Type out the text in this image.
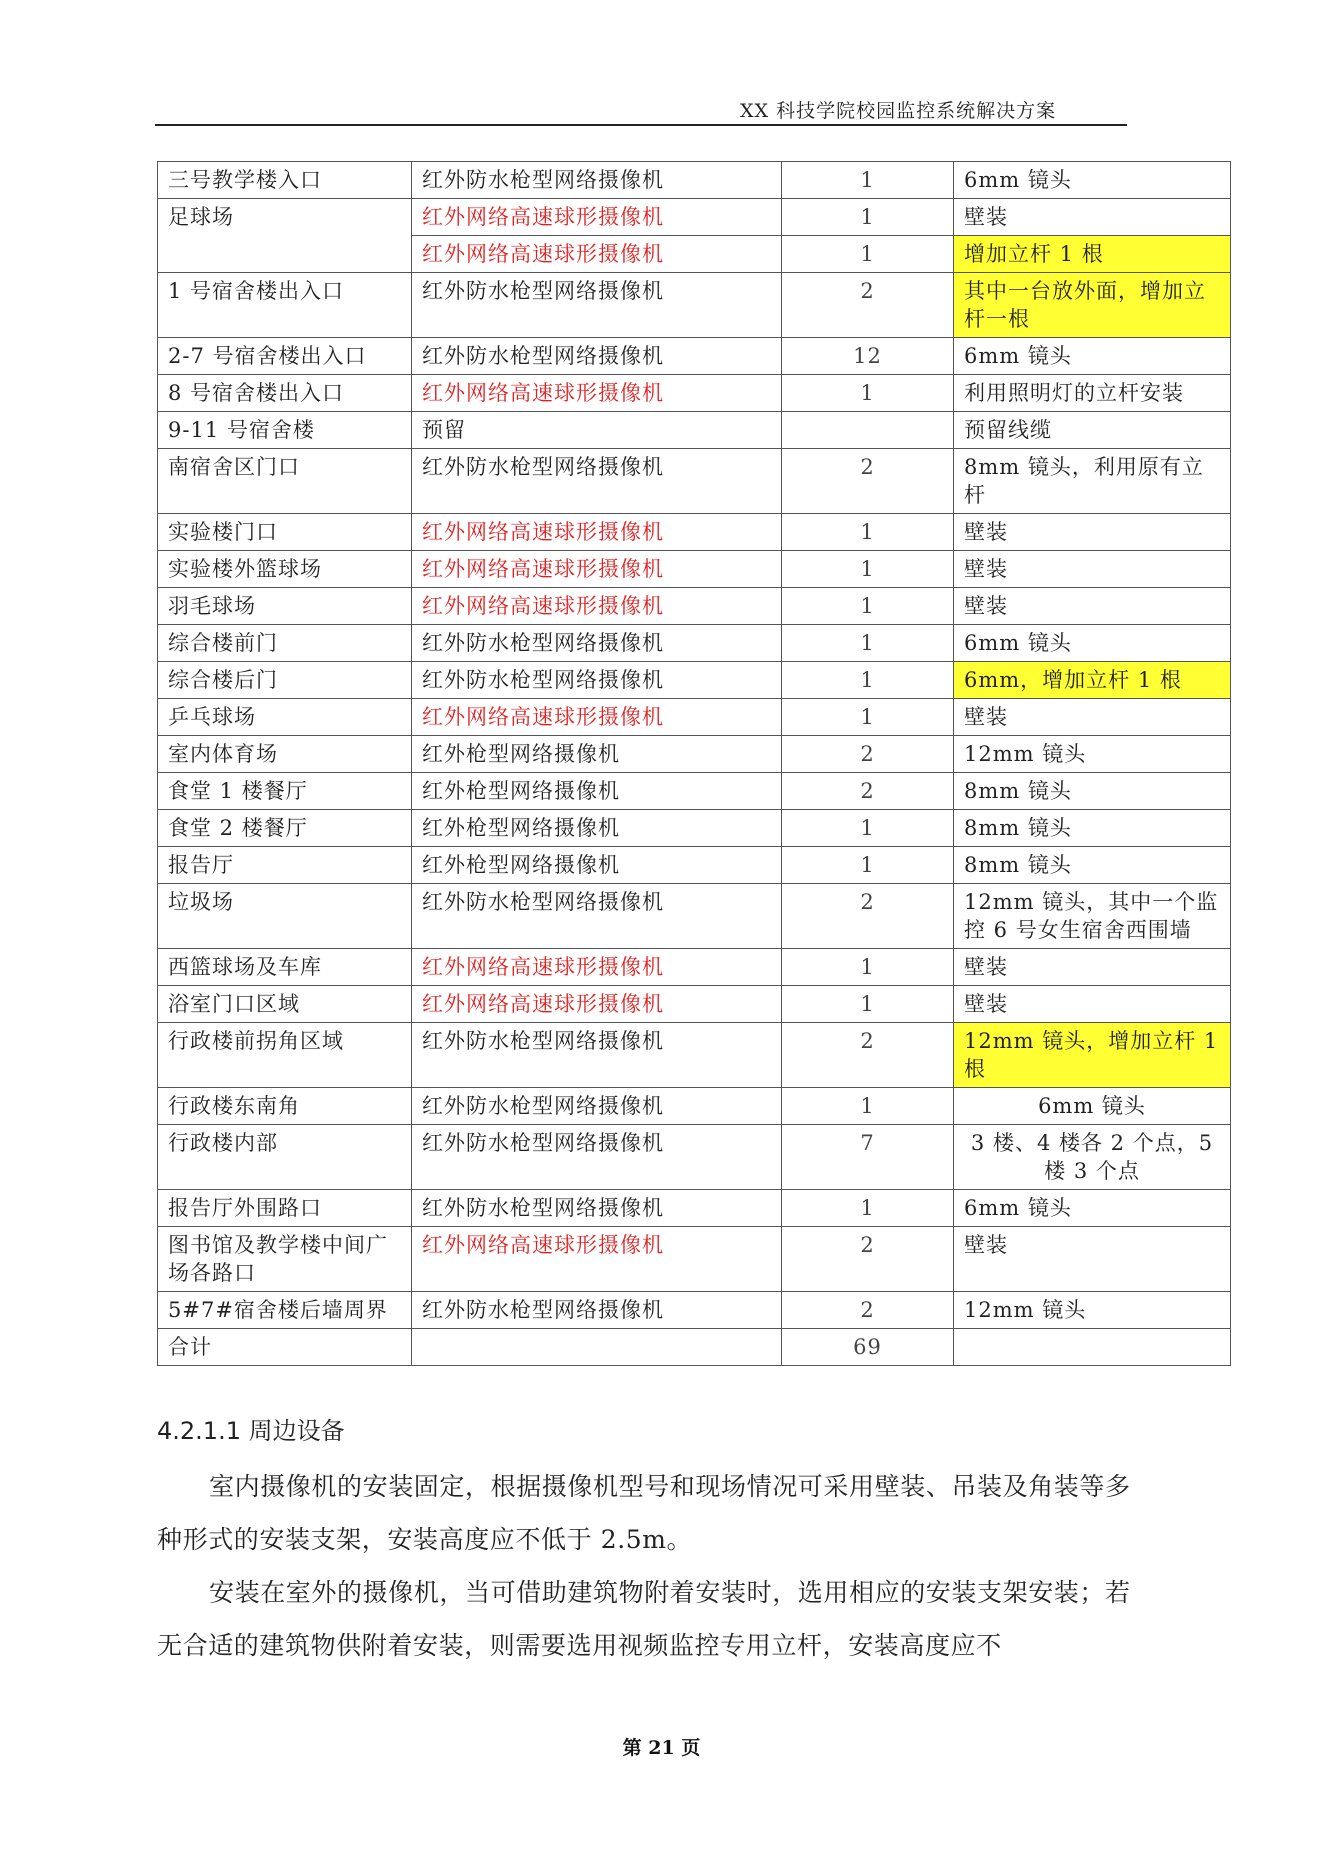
XX 科技学院校园监控系统解决方案
三号教学楼入口	红外防水枪型网络摄像机	1	6mm 镜头
足球场	红外网络高速球形摄像机	1	壁装
	红外网络高速球形摄像机	1	增加立杆 1 根
1 号宿舍楼出入口	红外防水枪型网络摄像机	2	其中一台放外面，增加立杆一根
2-7 号宿舍楼出入口	红外防水枪型网络摄像机	12	6mm 镜头
8 号宿舍楼出入口	红外网络高速球形摄像机	1	利用照明灯的立杆安装
9-11 号宿舍楼	预留		预留线缆
南宿舍区门口	红外防水枪型网络摄像机	2	8mm 镜头，利用原有立杆
实验楼门口	红外网络高速球形摄像机	1	壁装
实验楼外篮球场	红外网络高速球形摄像机	1	壁装
羽毛球场	红外网络高速球形摄像机	1	壁装
综合楼前门	红外防水枪型网络摄像机	1	6mm 镜头
综合楼后门	红外防水枪型网络摄像机	1	6mm，增加立杆 1 根
乒乓球场	红外网络高速球形摄像机	1	壁装
室内体育场	红外枪型网络摄像机	2	12mm 镜头
食堂 1 楼餐厅	红外枪型网络摄像机	2	8mm 镜头
食堂 2 楼餐厅	红外枪型网络摄像机	1	8mm 镜头
报告厅	红外枪型网络摄像机	1	8mm 镜头
垃圾场	红外防水枪型网络摄像机	2	12mm 镜头，其中一个监控 6 号女生宿舍西围墙
西篮球场及车库	红外网络高速球形摄像机	1	壁装
浴室门口区域	红外网络高速球形摄像机	1	壁装
行政楼前拐角区域	红外防水枪型网络摄像机	2	12mm 镜头，增加立杆 1 根
行政楼东南角	红外防水枪型网络摄像机	1	6mm 镜头
行政楼内部	红外防水枪型网络摄像机	7	3 楼、4 楼各 2 个点，5 楼 3 个点
报告厅外围路口	红外防水枪型网络摄像机	1	6mm 镜头
图书馆及教学楼中间广场各路口	红外网络高速球形摄像机	2	壁装
5#7#宿舍楼后墙周界	红外防水枪型网络摄像机	2	12mm 镜头
合计		69	
4.2.1.1 周边设备
室内摄像机的安装固定，根据摄像机型号和现场情况可采用壁装、吊装及角装等多种形式的安装支架，安装高度应不低于 2.5m。
安装在室外的摄像机，当可借助建筑物附着安装时，选用相应的安装支架安装；若无合适的建筑物供附着安装，则需要选用视频监控专用立杆，安装高度应不
第 21 页
